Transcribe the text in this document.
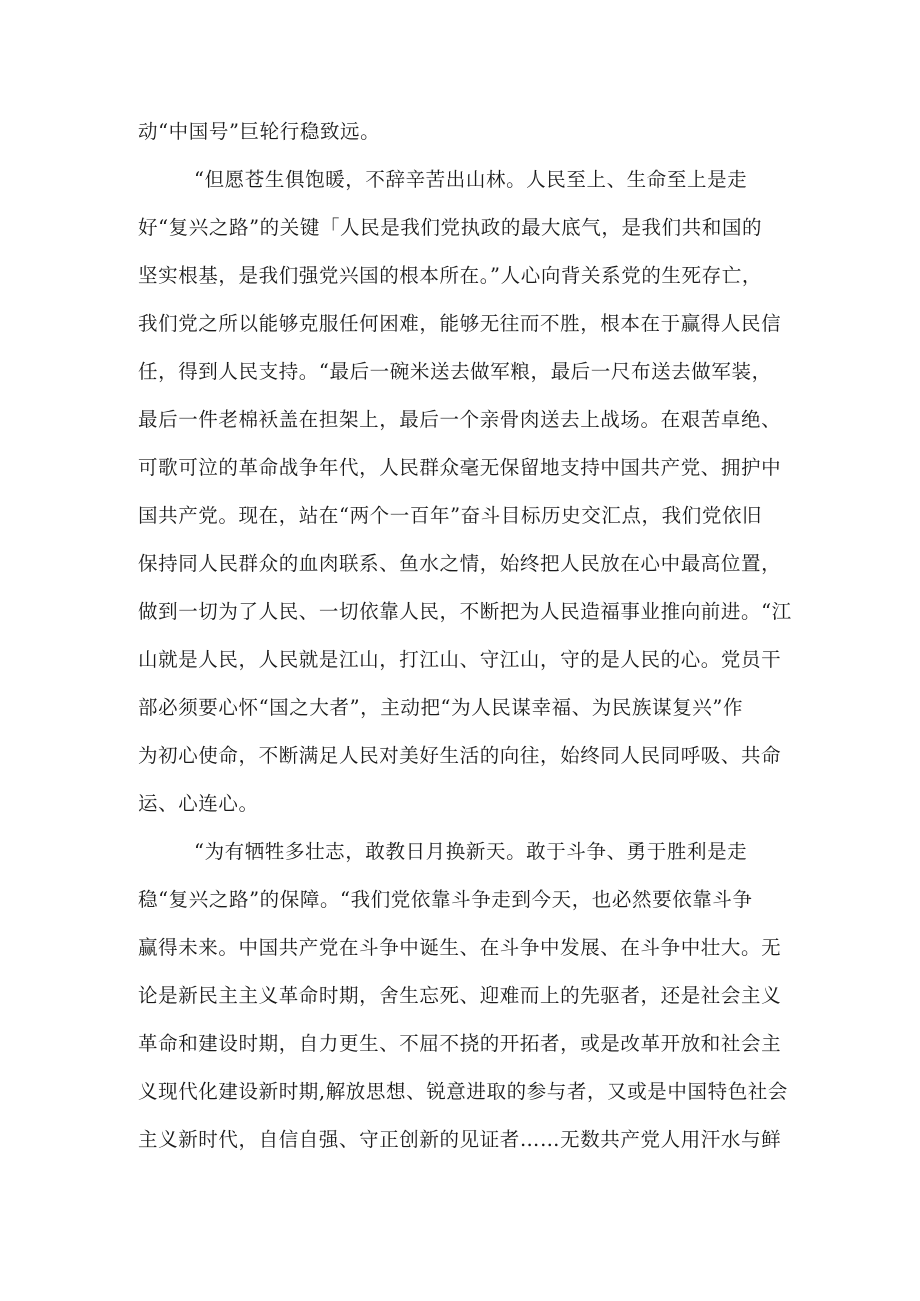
动“中国号”巨轮行稳致远。
“但愿苍生俱饱暖，不辞辛苦出山林。人民至上、生命至上是走
好“复兴之路”的关键「人民是我们党执政的最大底气，是我们共和国的
坚实根基，是我们强党兴国的根本所在。”人心向背关系党的生死存亡，
我们党之所以能够克服任何困难，能够无往而不胜，根本在于赢得人民信
任，得到人民支持。“最后一碗米送去做军粮，最后一尺布送去做军装，
最后一件老棉袄盖在担架上，最后一个亲骨肉送去上战场。在艰苦卓绝、
可歌可泣的革命战争年代，人民群众毫无保留地支持中国共产党、拥护中
国共产党。现在，站在“两个一百年”奋斗目标历史交汇点，我们党依旧
保持同人民群众的血肉联系、鱼水之情，始终把人民放在心中最高位置，
做到一切为了人民、一切依靠人民，不断把为人民造福事业推向前进。“江
山就是人民，人民就是江山，打江山、守江山，守的是人民的心。党员干
部必须要心怀“国之大者”，主动把“为人民谋幸福、为民族谋复兴”作
为初心使命，不断满足人民对美好生活的向往，始终同人民同呼吸、共命
运、心连心。
“为有牺牲多壮志，敢教日月换新天。敢于斗争、勇于胜利是走
稳“复兴之路”的保障。“我们党依靠斗争走到今天，也必然要依靠斗争
赢得未来。中国共产党在斗争中诞生、在斗争中发展、在斗争中壮大。无
论是新民主主义革命时期，舍生忘死、迎难而上的先驱者，还是社会主义
革命和建设时期，自力更生、不屈不挠的开拓者，或是改革开放和社会主
义现代化建设新时期,解放思想、锐意进取的参与者，又或是中国特色社会
主义新时代，自信自强、守正创新的见证者……无数共产党人用汗水与鲜
